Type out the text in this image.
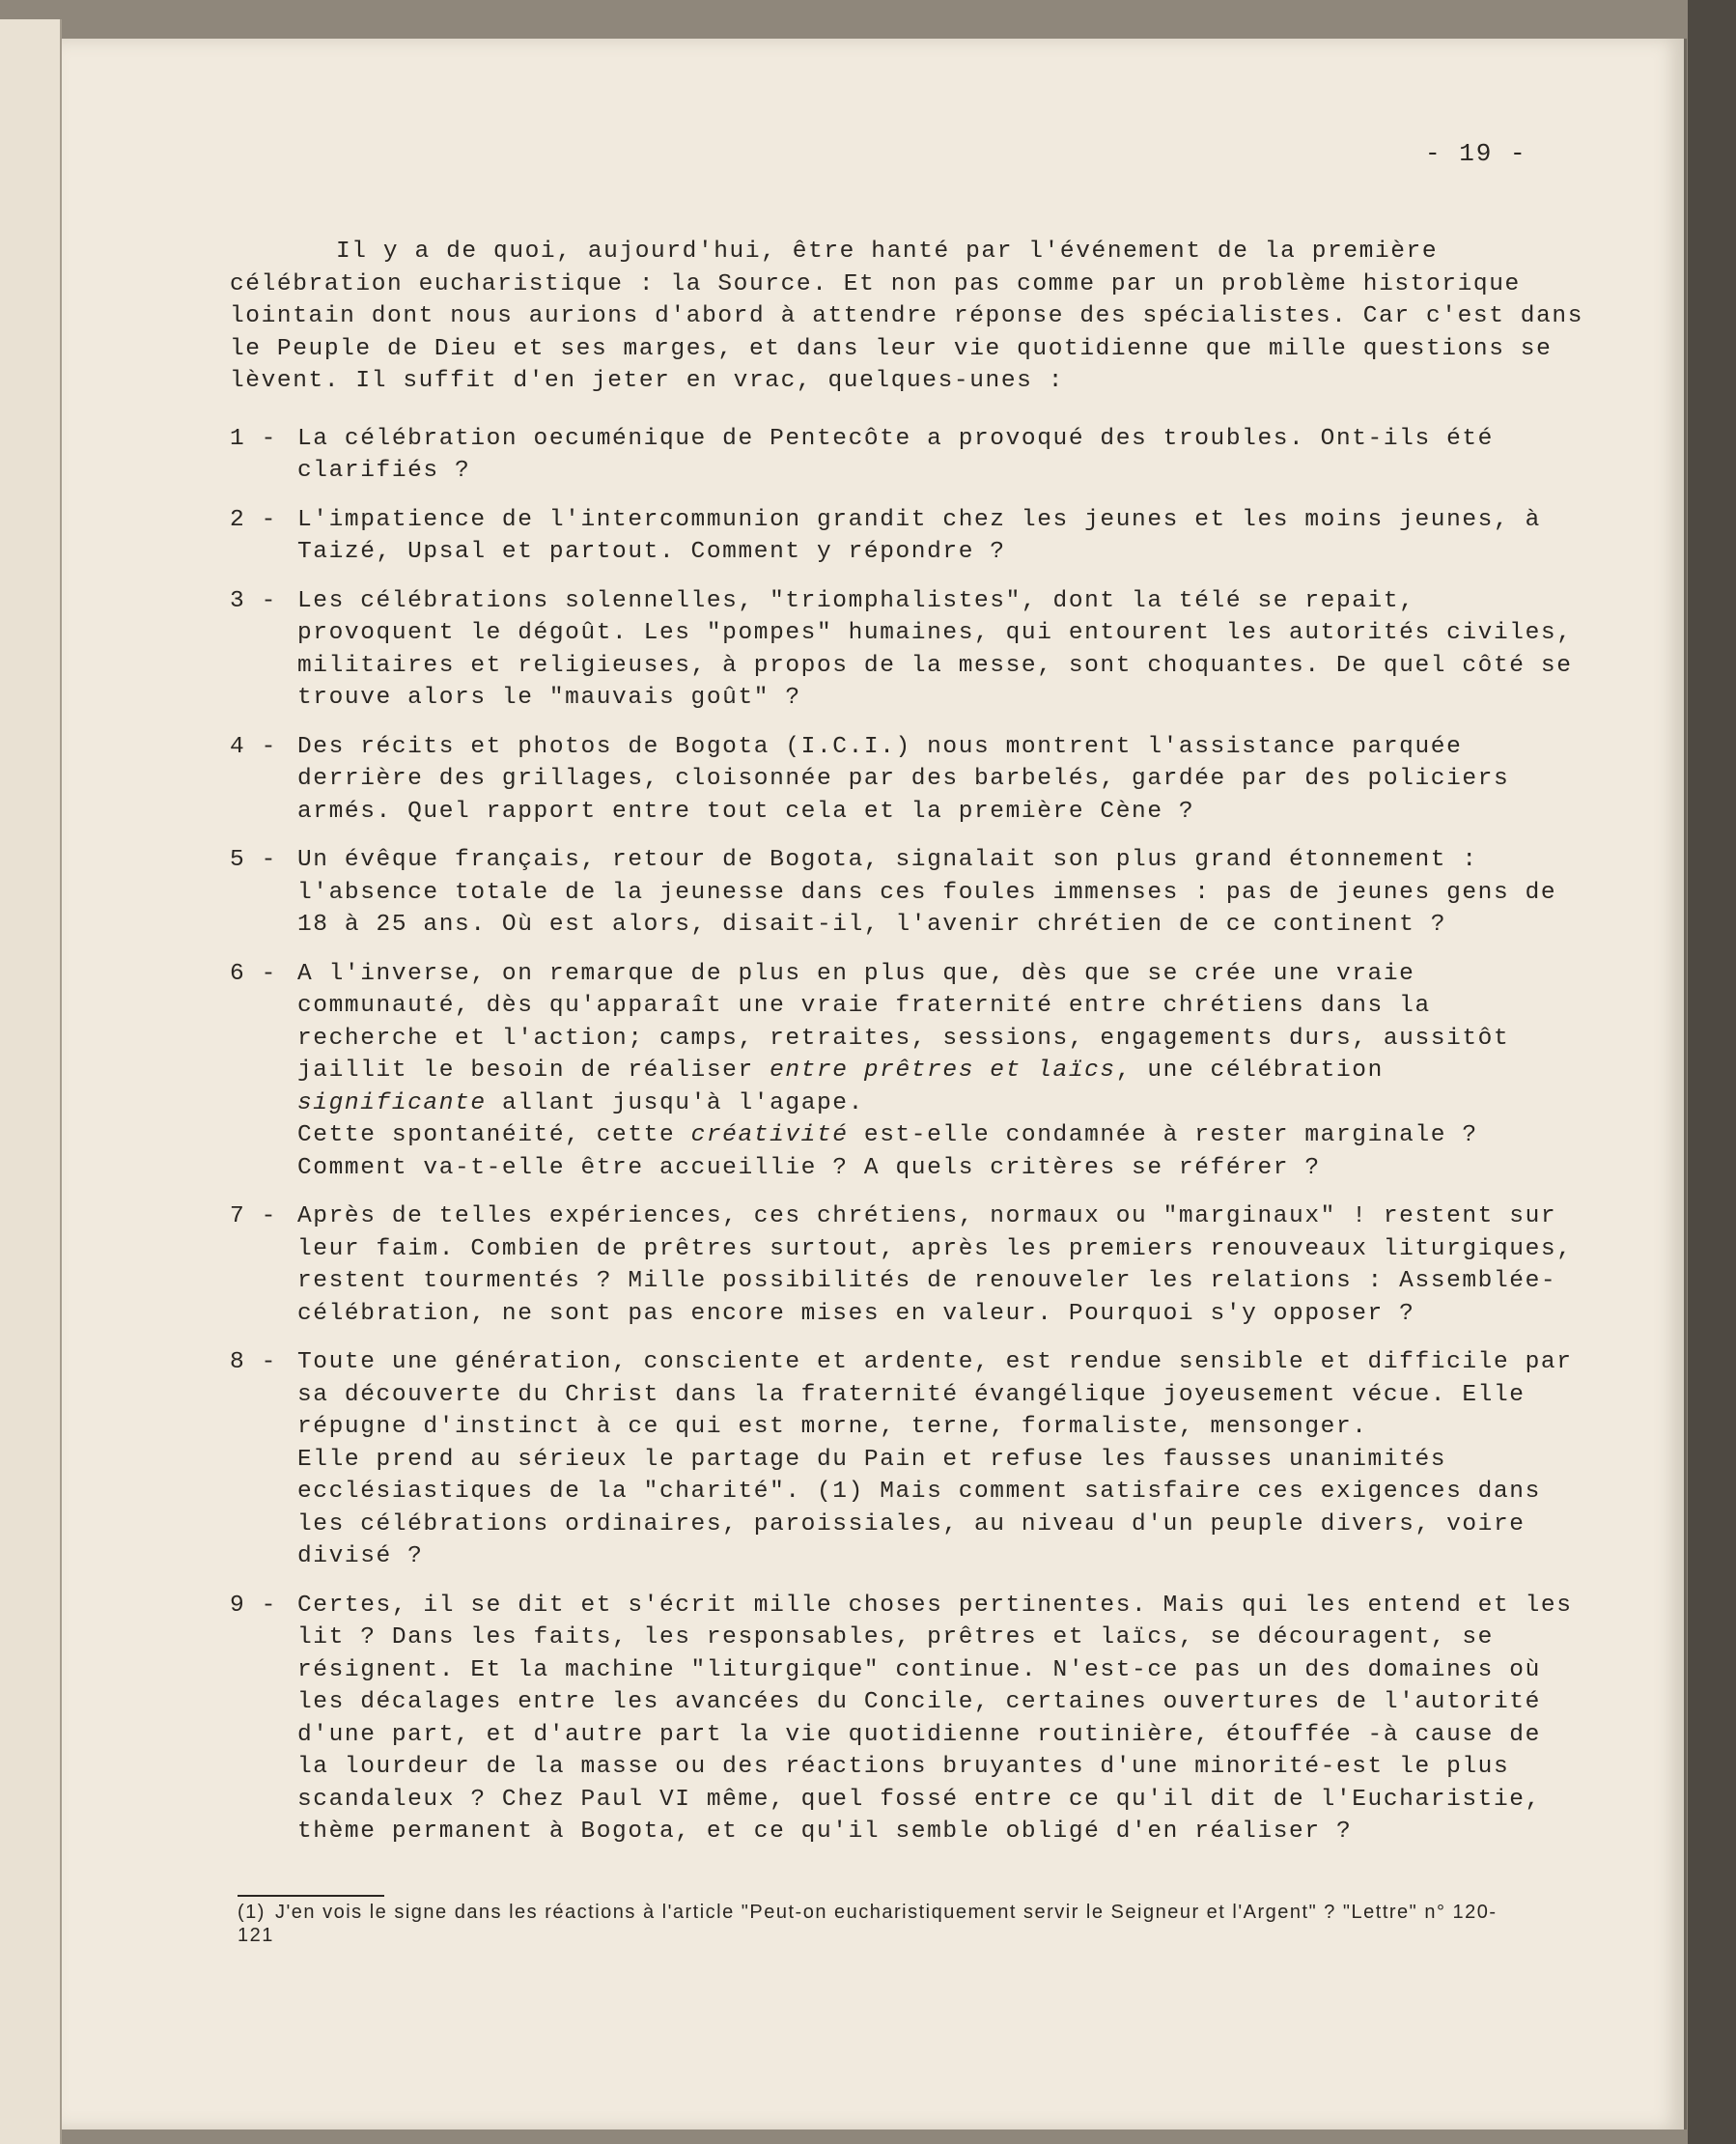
- 19 -

Il y a de quoi, aujourd'hui, être hanté par l'événement de la première célébration eucharistique : la Source. Et non pas comme par un problème historique lointain dont nous aurions d'abord à attendre réponse des spécialistes. Car c'est dans le Peuple de Dieu et ses marges, et dans leur vie quotidienne que mille questions se lèvent. Il suffit d'en jeter en vrac, quelques-unes :

1 - La célébration oecuménique de Pentecôte a provoqué des troubles. Ont-ils été clarifiés ?
2 - L'impatience de l'intercommunion grandit chez les jeunes et les moins jeunes, à Taizé, Upsal et partout. Comment y répondre ?
3 - Les célébrations solennelles, "triomphalistes", dont la télé se repait, provoquent le dégoût. Les "pompes" humaines, qui entourent les autorités civiles, militaires et religieuses, à propos de la messe, sont choquantes. De quel côté se trouve alors le "mauvais goût" ?
4 - Des récits et photos de Bogota (I.C.I.) nous montrent l'assistance parquée derrière des grillages, cloisonnée par des barbelés, gardée par des policiers armés. Quel rapport entre tout cela et la première Cène ?
5 - Un évêque français, retour de Bogota, signalait son plus grand étonnement : l'absence totale de la jeunesse dans ces foules immenses : pas de jeunes gens de 18 à 25 ans. Où est alors, disait-il, l'avenir chrétien de ce continent ?
6 - A l'inverse, on remarque de plus en plus que, dès que se crée une vraie communauté, dès qu'apparaît une vraie fraternité entre chrétiens dans la recherche et l'action; camps, retraites, sessions, engagements durs, aussitôt jaillit le besoin de réaliser entre prêtres et laïcs, une célébration significante allant jusqu'à l'agape.
Cette spontanéité, cette créativité est-elle condamnée à rester marginale ? Comment va-t-elle être accueillie ? A quels critères se référer ?
7 - Après de telles expériences, ces chrétiens, normaux ou "marginaux" ! restent sur leur faim. Combien de prêtres surtout, après les premiers renouveaux liturgiques, restent tourmentés ? Mille possibilités de renouveler les relations : Assemblée-célébration, ne sont pas encore mises en valeur. Pourquoi s'y opposer ?
8 - Toute une génération, consciente et ardente, est rendue sensible et difficile par sa découverte du Christ dans la fraternité évangélique joyeusement vécue. Elle répugne d'instinct à ce qui est morne, terne, formaliste, mensonger.
Elle prend au sérieux le partage du Pain et refuse les fausses unanimités ecclésiastiques de la "charité". (1) Mais comment satisfaire ces exigences dans les célébrations ordinaires, paroissiales, au niveau d'un peuple divers, voire divisé ?
9 - Certes, il se dit et s'écrit mille choses pertinentes. Mais qui les entend et les lit ? Dans les faits, les responsables, prêtres et laïcs, se découragent, se résignent. Et la machine "liturgique" continue. N'est-ce pas un des domaines où les décalages entre les avancées du Concile, certaines ouvertures de l'autorité d'une part, et d'autre part la vie quotidienne routinière, étouffée -à cause de la lourdeur de la masse ou des réactions bruyantes d'une minorité-est le plus scandaleux ? Chez Paul VI même, quel fossé entre ce qu'il dit de l'Eucharistie, thème permanent à Bogota, et ce qu'il semble obligé d'en réaliser ?
(1) J'en vois le signe dans les réactions à l'article "Peut-on eucharistiquement servir le Seigneur et l'Argent" ? "Lettre" n° 120-121
